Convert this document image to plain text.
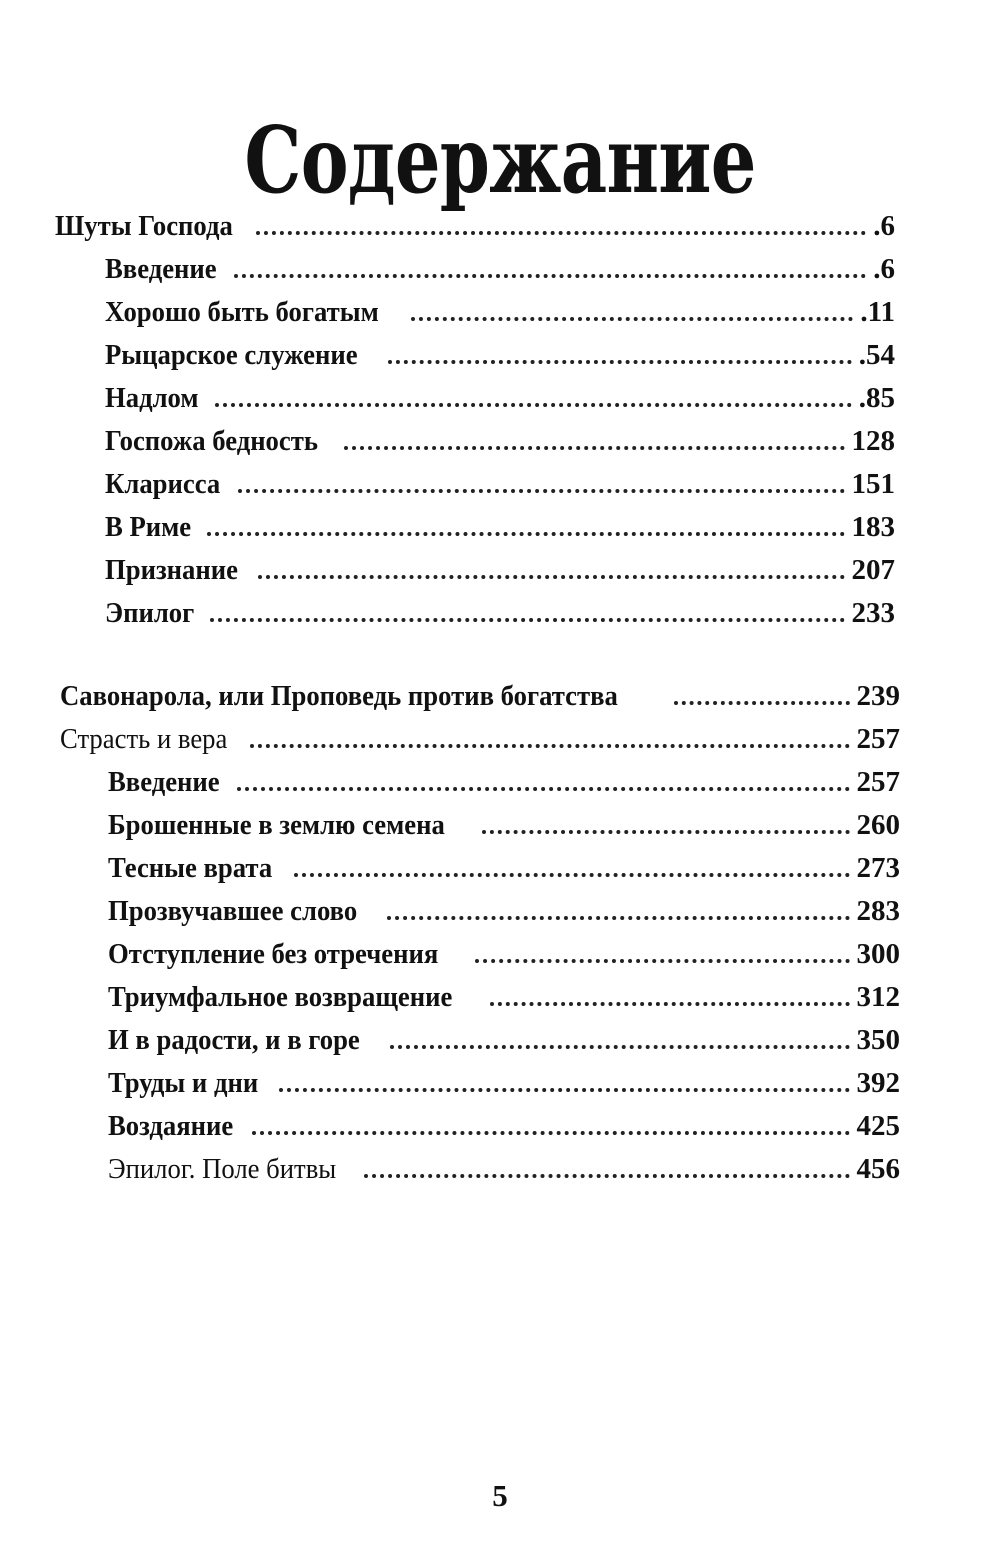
Содержание
Шуты Господа	.6
Введение	.6
Хорошо быть богатым	.11
Рыцарское служение	.54
Надлом	.85
Госпожа бедность	128
Кларисса	151
В Риме	183
Признание	207
Эпилог	233
Савонарола, или Проповедь против богатства	239
Страсть и вера	257
Введение	257
Брошенные в землю семена	260
Тесные врата	273
Прозвучавшее слово	283
Отступление без отречения	300
Триумфальное возвращение	312
И в радости, и в горе	350
Труды и дни	392
Воздаяние	425
Эпилог. Поле битвы	456
5
